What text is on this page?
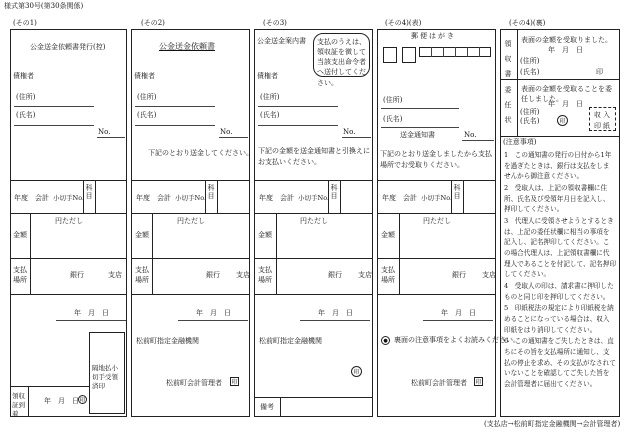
様式第30号(第30条関係)
(その1)	(その2)	(その3)	(その4)(表)	(その4)(裏)
公金送金依頼書発行(控)
債権者
(住所)
(氏名)
No.
年度 会計 小切手No. 科目
円ただし
金額
支払場所
銀行	支店
年　月　日
隔地払小切手受領済印
領収証到着
年　月　日 印
公金送金依頼書
債権者
(住所)
(氏名)
No.
下記のとおり送金してください。
年度 会計 小切手No. 科目
円ただし
金額
支払場所
銀行 支店
年　月　日
松前町指定金融機関
松前町会計管理者 印
公金送金案内書 支払のうえは、領収証を徴して当該支出命令者へ送付してください。
債権者
(住所)
(氏名)
No.
下記の金額を送金通知書と引換えにお支払いください。
年度 会計 小切手No. 科目
円ただし
金額
支払場所
銀行 支店
年　月　日
松前町指定金融機関
印
備考
郵便はがき
(住所)
(氏名)
送金通知書	No.
下記のとおり送金しましたから支払場所でお受取りください。
年度 会計 小切手No. 科目
円ただし
金額
支払場所
銀行 支店
年　月　日
● 裏面の注意事項をよくお読みください。
松前町会計管理者 印
領収書 表面の金額を受取りました。
年　月　日
(住所)
(氏名)	印
委任状 表面の金額を受取ることを委任しました。
年　月　日
(住所)
(氏名)	印
収入印紙
(注意事項)
1　この通知書の発行の日付から1年を過ぎたときは、銀行は支払をしませんから御注意ください。
2　受取人は、上記の領収書欄に住所、氏名及び受領年月日を記入し、押印してください。
3　代理人に受領させようとするときは、上記の委任状欄に相当の事項を記入し、記名押印してください。この場合代理人は、上記領収書欄に代理人であることを付記して、記名押印してください。
4　受取人の印は、請求書に押印したものと同じ印を押印してください。
5　印紙税法の規定により印紙税を納めることになっている場合は、収入印紙をはり消印してください。
6　この通知書をご失したときは、直ちにその旨を支払場所に通知し、支払の停止を求め、その支払がなされていないことを確認してご失した旨を会計管理者に届出てください。
(支払店→松前町指定金融機関→会計管理者)
